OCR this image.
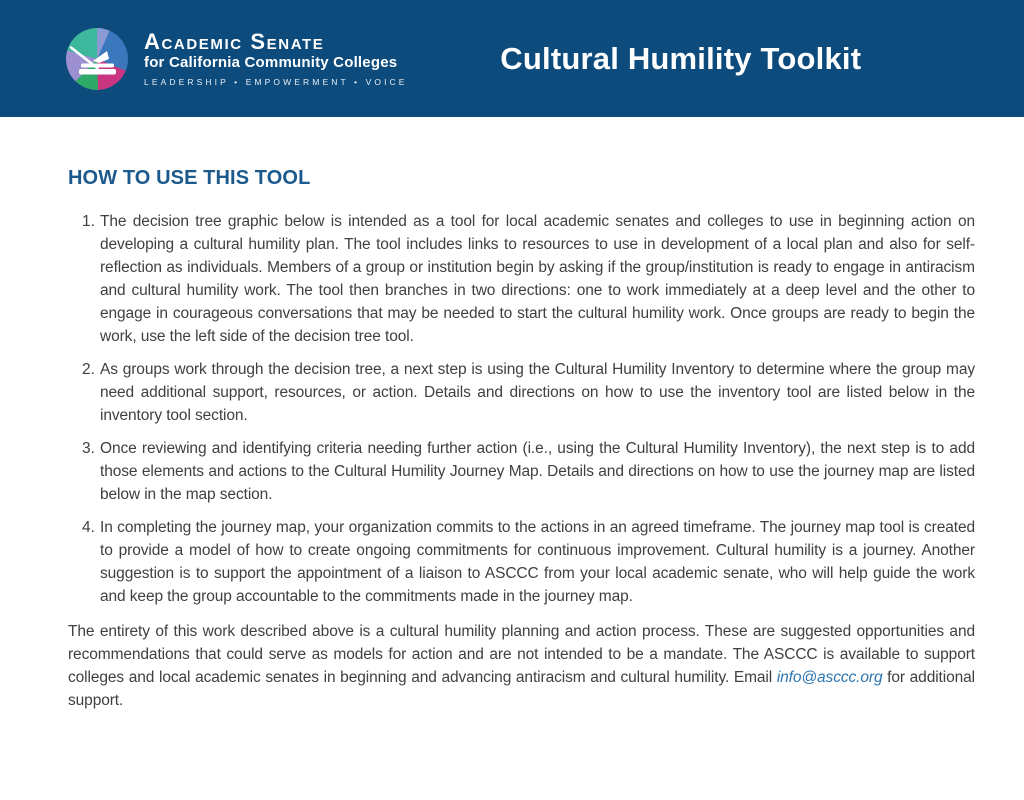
Academic Senate
for California Community Colleges
LEADERSHIP • EMPOWERMENT • VOICE
Cultural Humility Toolkit
HOW TO USE THIS TOOL
1. The decision tree graphic below is intended as a tool for local academic senates and colleges to use in beginning action on developing a cultural humility plan. The tool includes links to resources to use in development of a local plan and also for self-reflection as individuals. Members of a group or institution begin by asking if the group/institution is ready to engage in antiracism and cultural humility work. The tool then branches in two directions: one to work immediately at a deep level and the other to engage in courageous conversations that may be needed to start the cultural humility work. Once groups are ready to begin the work, use the left side of the decision tree tool.
2. As groups work through the decision tree, a next step is using the Cultural Humility Inventory to determine where the group may need additional support, resources, or action. Details and directions on how to use the inventory tool are listed below in the inventory tool section.
3. Once reviewing and identifying criteria needing further action (i.e., using the Cultural Humility Inventory), the next step is to add those elements and actions to the Cultural Humility Journey Map. Details and directions on how to use the journey map are listed below in the map section.
4. In completing the journey map, your organization commits to the actions in an agreed timeframe. The journey map tool is created to provide a model of how to create ongoing commitments for continuous improvement. Cultural humility is a journey. Another suggestion is to support the appointment of a liaison to ASCCC from your local academic senate, who will help guide the work and keep the group accountable to the commitments made in the journey map.

The entirety of this work described above is a cultural humility planning and action process. These are suggested opportunities and recommendations that could serve as models for action and are not intended to be a mandate. The ASCCC is available to support colleges and local academic senates in beginning and advancing antiracism and cultural humility. Email info@asccc.org for additional support.
